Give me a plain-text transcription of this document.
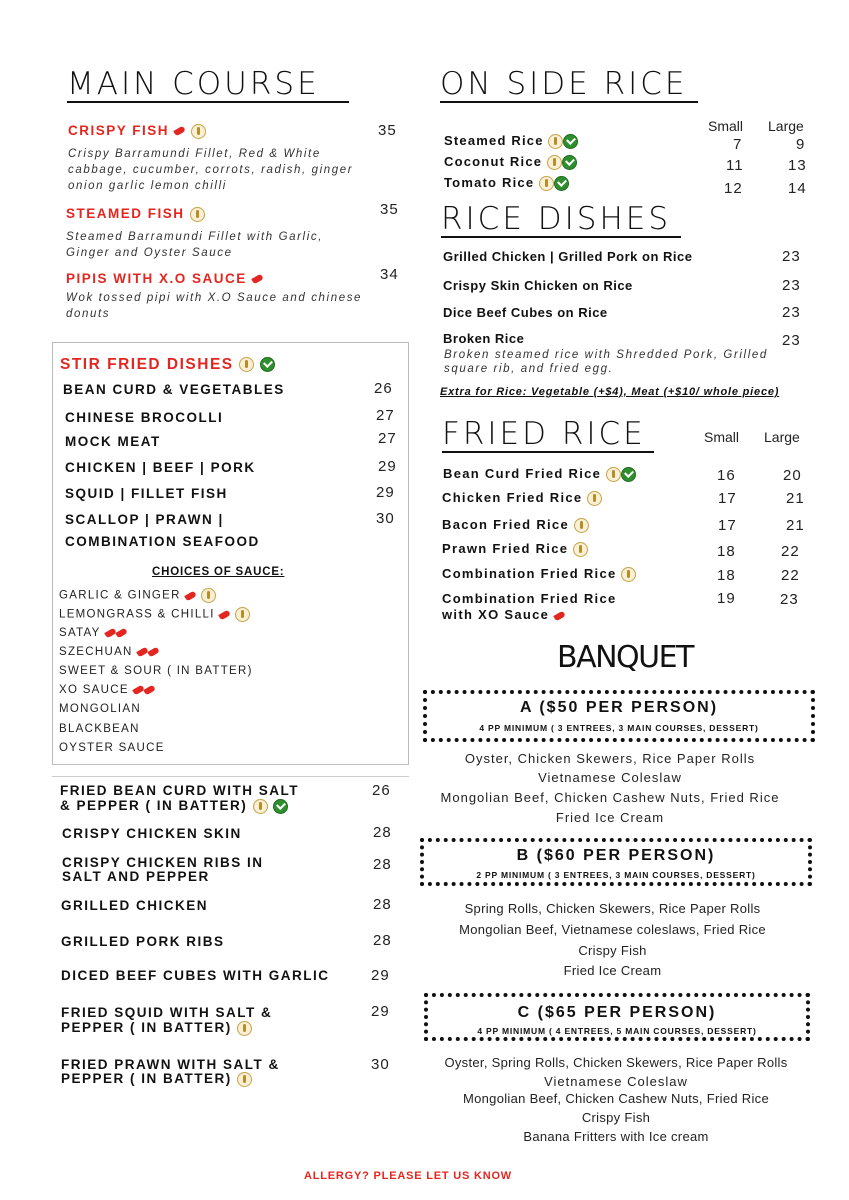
MAIN COURSE
CRISPY FISH	35
Crispy Barramundi Fillet, Red & White cabbage, cucumber, corrots, radish, ginger onion garlic lemon chilli
STEAMED FISH	35
Steamed Barramundi Fillet with Garlic, Ginger and Oyster Sauce
PIPIS WITH X.O SAUCE	34
Wok tossed pipi with X.O Sauce and chinese donuts
STIR FRIED DISHES
BEAN CURD & VEGETABLES	26
CHINESE BROCOLLI	27
MOCK MEAT	27
CHICKEN | BEEF | PORK	29
SQUID | FILLET FISH	29
SCALLOP | PRAWN |
COMBINATION SEAFOOD
30
CHOICES OF SAUCE:
GARLIC & GINGER
LEMONGRASS & CHILLI
SATAY
SZECHUAN
SWEET & SOUR ( IN BATTER)
XO SAUCE
MONGOLIAN
BLACKBEAN
OYSTER SAUCE
FRIED BEAN CURD WITH SALT
& PEPPER ( IN BATTER)
26
CRISPY CHICKEN SKIN	28
CRISPY CHICKEN RIBS IN
SALT AND PEPPER
28
GRILLED CHICKEN	28
GRILLED PORK RIBS	28
DICED BEEF CUBES WITH GARLIC	29
FRIED SQUID WITH SALT &
PEPPER ( IN BATTER)
29
FRIED PRAWN WITH SALT &
PEPPER ( IN BATTER)
30
ON SIDE RICE
Small Large
Steamed Rice	7	9
Coconut Rice	11	13
Tomato Rice	12	14
RICE DISHES
Grilled Chicken | Grilled Pork on Rice	23
Crispy Skin Chicken on Rice	23
Dice Beef Cubes on Rice	23
Broken Rice	23
Broken steamed rice with Shredded Pork, Grilled square rib, and fried egg.
Extra for Rice: Vegetable (+$4), Meat (+$10/ whole piece)
FRIED RICE	Small Large
Bean Curd Fried Rice	16	20
Chicken Fried Rice	17	21
Bacon Fried Rice	17	21
Prawn Fried Rice	18	22
Combination Fried Rice	18	22
Combination Fried Rice
with XO Sauce
19	23
BANQUET
A ($50 PER PERSON)
4 PP MINIMUM ( 3 ENTREES, 3 MAIN COURSES, DESSERT)
Oyster, Chicken Skewers, Rice Paper Rolls
Vietnamese Coleslaw
Mongolian Beef, Chicken Cashew Nuts, Fried Rice
Fried Ice Cream
B ($60 PER PERSON)
2 PP MINIMUM ( 3 ENTREES, 3 MAIN COURSES, DESSERT)
Spring Rolls, Chicken Skewers, Rice Paper Rolls
Mongolian Beef, Vietnamese coleslaws, Fried Rice
Crispy Fish
Fried Ice Cream
C ($65 PER PERSON)
4 PP MINIMUM ( 4 ENTREES, 5 MAIN COURSES, DESSERT)
Oyster, Spring Rolls, Chicken Skewers, Rice Paper Rolls
Vietnamese Coleslaw
Mongolian Beef, Chicken Cashew Nuts, Fried Rice
Crispy Fish
Banana Fritters with Ice cream
ALLERGY? PLEASE LET US KNOW
